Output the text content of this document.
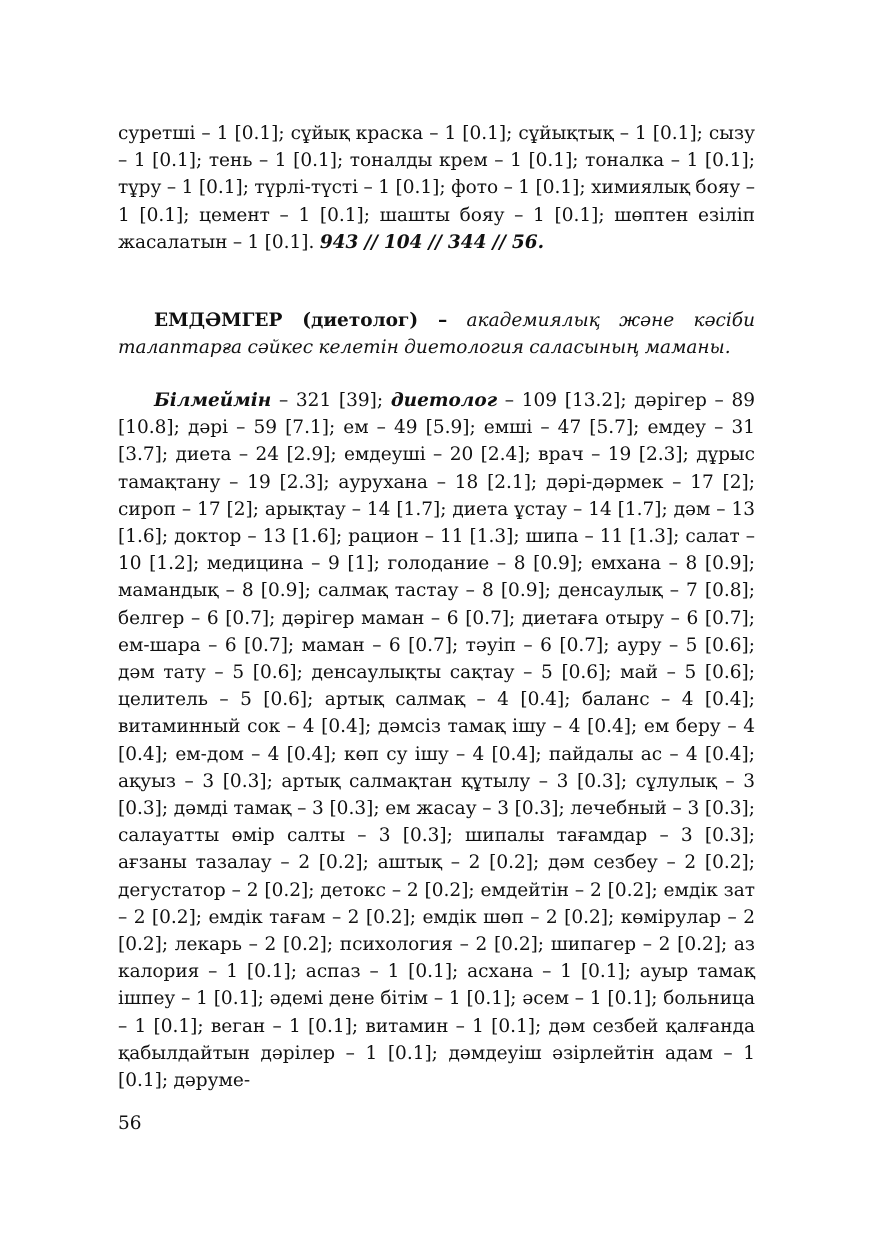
суретші – 1 [0.1]; сұйық краска – 1 [0.1]; сұйықтық – 1 [0.1]; сызу – 1 [0.1]; тень – 1 [0.1]; тоналды крем – 1 [0.1]; тоналка – 1 [0.1]; тұру – 1 [0.1]; түрлі-түсті – 1 [0.1]; фото – 1 [0.1]; химиялық бояу – 1 [0.1]; цемент – 1 [0.1]; шашты бояу – 1 [0.1]; шөптен езіліп жасалатын – 1 [0.1]. 943 // 104 // 344 // 56.

ЕМДӘМГЕР (диетолог) – академиялық және кәсіби талаптарға сәйкес келетін диетология саласының маманы.

Білмеймін – 321 [39]; диетолог – 109 [13.2]; дәрігер – 89 [10.8]; дәрі – 59 [7.1]; ем – 49 [5.9]; емші – 47 [5.7]; емдеу – 31 [3.7]; диета – 24 [2.9]; емдеуші – 20 [2.4]; врач – 19 [2.3]; дұрыс тамақтану – 19 [2.3]; аурухана – 18 [2.1]; дәрі-дәрмек – 17 [2]; сироп – 17 [2]; арықтау – 14 [1.7]; диета ұстау – 14 [1.7]; дәм – 13 [1.6]; доктор – 13 [1.6]; рацион – 11 [1.3]; шипа – 11 [1.3]; салат – 10 [1.2]; медицина – 9 [1]; голодание – 8 [0.9]; емхана – 8 [0.9]; мамандық – 8 [0.9]; салмақ тастау – 8 [0.9]; денсаулық – 7 [0.8]; белгер – 6 [0.7]; дәрігер маман – 6 [0.7]; диетаға отыру – 6 [0.7]; ем-шара – 6 [0.7]; маман – 6 [0.7]; тәуіп – 6 [0.7]; ауру – 5 [0.6]; дәм тату – 5 [0.6]; денсаулықты сақтау – 5 [0.6]; май – 5 [0.6]; целитель – 5 [0.6]; артық салмақ – 4 [0.4]; баланс – 4 [0.4]; витаминный сок – 4 [0.4]; дәмсіз тамақ ішу – 4 [0.4]; ем беру – 4 [0.4]; ем-дом – 4 [0.4]; көп су ішу – 4 [0.4]; пайдалы ас – 4 [0.4]; ақуыз – 3 [0.3]; артық салмақтан құтылу – 3 [0.3]; сұлулық – 3 [0.3]; дәмді тамақ – 3 [0.3]; ем жасау – 3 [0.3]; лечебный – 3 [0.3]; салауатты өмір салты – 3 [0.3]; шипалы тағамдар – 3 [0.3]; ағзаны тазалау – 2 [0.2]; аштық – 2 [0.2]; дәм сезбеу – 2 [0.2]; дегустатор – 2 [0.2]; детокс – 2 [0.2]; емдейтін – 2 [0.2]; емдік зат – 2 [0.2]; емдік тағам – 2 [0.2]; емдік шөп – 2 [0.2]; көмірулар – 2 [0.2]; лекарь – 2 [0.2]; психология – 2 [0.2]; шипагер – 2 [0.2]; аз калория – 1 [0.1]; аспаз – 1 [0.1]; асхана – 1 [0.1]; ауыр тамақ ішпеу – 1 [0.1]; әдемі дене бітім – 1 [0.1]; әсем – 1 [0.1]; больница – 1 [0.1]; веган – 1 [0.1]; витамин – 1 [0.1]; дәм сезбей қалғанда қабылдайтын дәрілер – 1 [0.1]; дәмдеуіш әзірлейтін адам – 1 [0.1]; дәруме-

56
